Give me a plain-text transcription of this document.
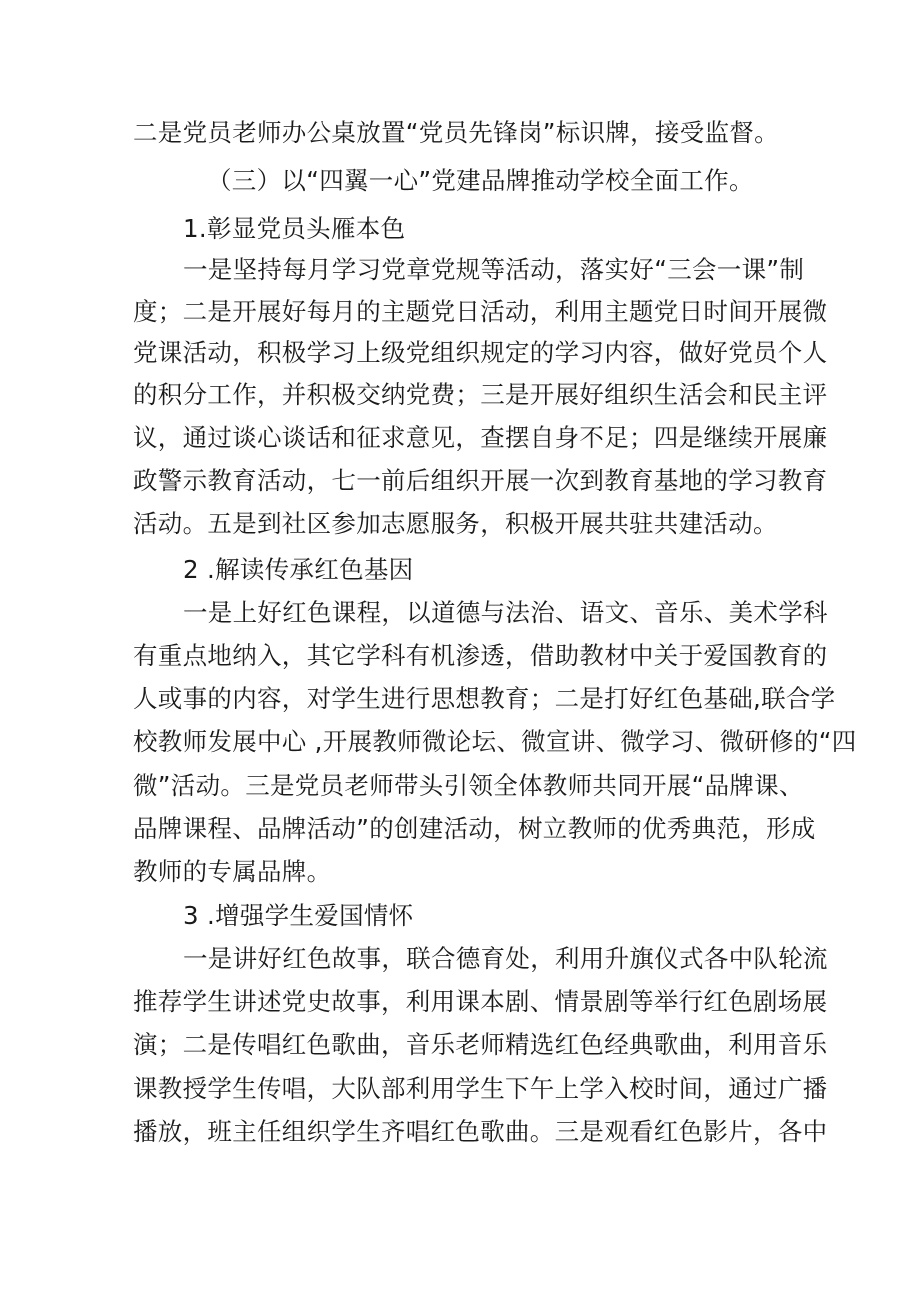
二是党员老师办公桌放置“党员先锋岗”标识牌，接受监督。
（三）以“四翼一心”党建品牌推动学校全面工作。
1.彰显党员头雁本色
一是坚持每月学习党章党规等活动，落实好“三会一课”制
度；二是开展好每月的主题党日活动，利用主题党日时间开展微
党课活动，积极学习上级党组织规定的学习内容，做好党员个人
的积分工作，并积极交纳党费；三是开展好组织生活会和民主评
议，通过谈心谈话和征求意见，查摆自身不足；四是继续开展廉
政警示教育活动，七一前后组织开展一次到教育基地的学习教育
活动。五是到社区参加志愿服务，积极开展共驻共建活动。
2 .解读传承红色基因
一是上好红色课程，以道德与法治、语文、音乐、美术学科
有重点地纳入，其它学科有机渗透，借助教材中关于爱国教育的
人或事的内容，对学生进行思想教育；二是打好红色基础,联合学
校教师发展中心 ,开展教师微论坛、微宣讲、微学习、微研修的“四
微”活动。三是党员老师带头引领全体教师共同开展“品牌课、
品牌课程、品牌活动”的创建活动，树立教师的优秀典范，形成
教师的专属品牌。
3 .增强学生爱国情怀
一是讲好红色故事，联合德育处，利用升旗仪式各中队轮流
推荐学生讲述党史故事，利用课本剧、情景剧等举行红色剧场展
演；二是传唱红色歌曲，音乐老师精选红色经典歌曲，利用音乐
课教授学生传唱，大队部利用学生下午上学入校时间，通过广播
播放，班主任组织学生齐唱红色歌曲。三是观看红色影片，各中
